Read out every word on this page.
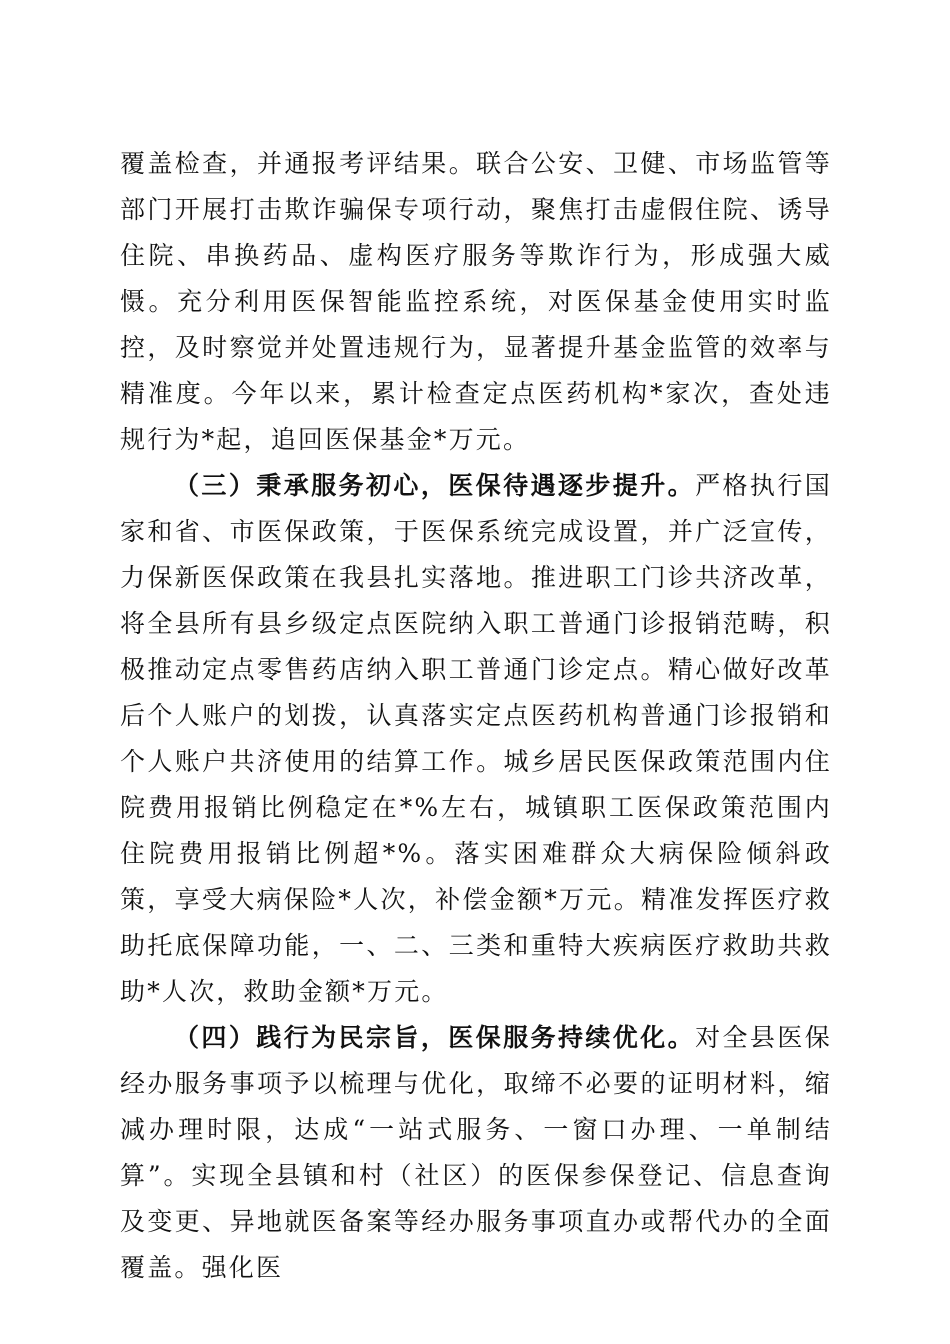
覆盖检查，并通报考评结果。联合公安、卫健、市场监管等部门开展打击欺诈骗保专项行动，聚焦打击虚假住院、诱导住院、串换药品、虚构医疗服务等欺诈行为，形成强大威慑。充分利用医保智能监控系统，对医保基金使用实时监控，及时察觉并处置违规行为，显著提升基金监管的效率与精准度。今年以来，累计检查定点医药机构*家次，查处违规行为*起，追回医保基金*万元。

（三）秉承服务初心，医保待遇逐步提升。严格执行国家和省、市医保政策，于医保系统完成设置，并广泛宣传，力保新医保政策在我县扎实落地。推进职工门诊共济改革，将全县所有县乡级定点医院纳入职工普通门诊报销范畴，积极推动定点零售药店纳入职工普通门诊定点。精心做好改革后个人账户的划拨，认真落实定点医药机构普通门诊报销和个人账户共济使用的结算工作。城乡居民医保政策范围内住院费用报销比例稳定在*%左右，城镇职工医保政策范围内住院费用报销比例超*%。落实困难群众大病保险倾斜政策，享受大病保险*人次，补偿金额*万元。精准发挥医疗救助托底保障功能，一、二、三类和重特大疾病医疗救助共救助*人次，救助金额*万元。

（四）践行为民宗旨，医保服务持续优化。对全县医保经办服务事项予以梳理与优化，取缔不必要的证明材料，缩减办理时限，达成“一站式服务、一窗口办理、一单制结算”。实现全县镇和村（社区）的医保参保登记、信息查询及变更、异地就医备案等经办服务事项直办或帮代办的全面覆盖。强化医
